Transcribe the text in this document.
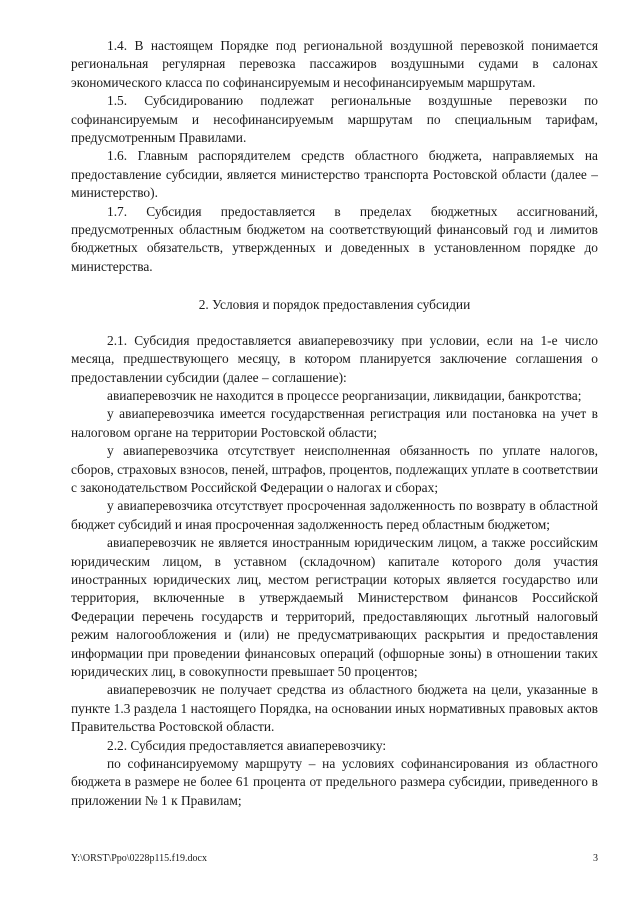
1.4. В настоящем Порядке под региональной воздушной перевозкой понимается региональная регулярная перевозка пассажиров воздушными судами в салонах экономического класса по софинансируемым и несофинансируемым маршрутам.

1.5. Субсидированию подлежат региональные воздушные перевозки по софинансируемым и несофинансируемым маршрутам по специальным тарифам, предусмотренным Правилами.

1.6. Главным распорядителем средств областного бюджета, направляемых на предоставление субсидии, является министерство транспорта Ростовской области (далее – министерство).

1.7. Субсидия предоставляется в пределах бюджетных ассигнований, предусмотренных областным бюджетом на соответствующий финансовый год и лимитов бюджетных обязательств, утвержденных и доведенных в установленном порядке до министерства.

2. Условия и порядок предоставления субсидии

2.1. Субсидия предоставляется авиаперевозчику при условии, если на 1-е число месяца, предшествующего месяцу, в котором планируется заключение соглашения о предоставлении субсидии (далее – соглашение):

авиаперевозчик не находится в процессе реорганизации, ликвидации, банкротства;

у авиаперевозчика имеется государственная регистрация или постановка на учет в налоговом органе на территории Ростовской области;

у авиаперевозчика отсутствует неисполненная обязанность по уплате налогов, сборов, страховых взносов, пеней, штрафов, процентов, подлежащих уплате в соответствии с законодательством Российской Федерации о налогах и сборах;

у авиаперевозчика отсутствует просроченная задолженность по возврату в областной бюджет субсидий и иная просроченная задолженность перед областным бюджетом;

авиаперевозчик не является иностранным юридическим лицом, а также российским юридическим лицом, в уставном (складочном) капитале которого доля участия иностранных юридических лиц, местом регистрации которых является государство или территория, включенные в утверждаемый Министерством финансов Российской Федерации перечень государств и территорий, предоставляющих льготный налоговый режим налогообложения и (или) не предусматривающих раскрытия и предоставления информации при проведении финансовых операций (офшорные зоны) в отношении таких юридических лиц, в совокупности превышает 50 процентов;

авиаперевозчик не получает средства из областного бюджета на цели, указанные в пункте 1.3 раздела 1 настоящего Порядка, на основании иных нормативных правовых актов Правительства Ростовской области.

2.2. Субсидия предоставляется авиаперевозчику:

по софинансируемому маршруту – на условиях софинансирования из областного бюджета в размере не более 61 процента от предельного размера субсидии, приведенного в приложении № 1 к Правилам;

Y:\ORST\Ppo\0228p115.f19.docx	3
